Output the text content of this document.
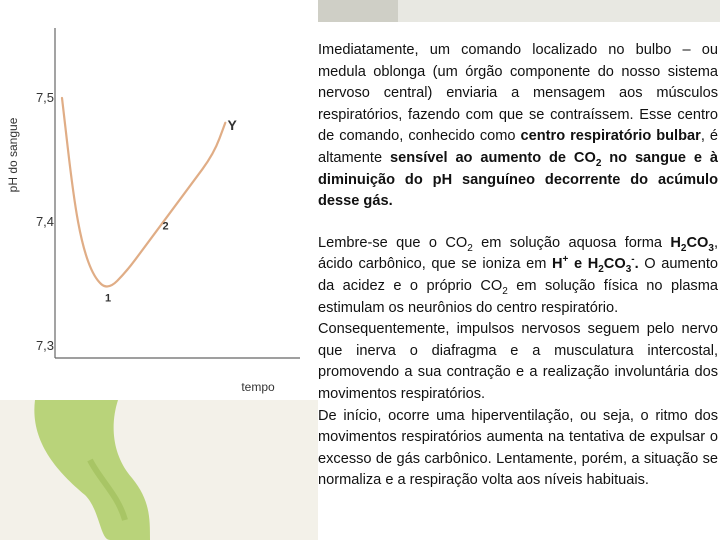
7,5
7,4
7,3
1
2
Y
pH do sangue
tempo

Imediatamente, um comando localizado no bulbo – ou medula oblonga (um órgão componente do nosso sistema nervoso central) enviaria a mensagem aos músculos respiratórios, fazendo com que se contraíssem. Esse centro de comando, conhecido como centro respiratório bulbar, é altamente sensível ao aumento de $CO_2$ no sangue e à diminuição do pH sanguíneo decorrente do acúmulo desse gás.

Lembre-se que o $CO_2$ em solução aquosa forma $H_2CO_3$, ácido carbônico, que se ioniza em H+ e $H_2CO_3^-$. O aumento da acidez e o próprio $CO_2$ em solução física no plasma estimulam os neurônios do centro respiratório.

Consequentemente, impulsos nervosos seguem pelo nervo que inerva o diafragma e a musculatura intercostal, promovendo a sua contração e a realização involuntária dos movimentos respiratórios.

De início, ocorre uma hiperventilação, ou seja, o ritmo dos movimentos respiratórios aumenta na tentativa de expulsar o excesso de gás carbônico. Lentamente, porém, a situação se normaliza e a respiração volta aos níveis habituais.
